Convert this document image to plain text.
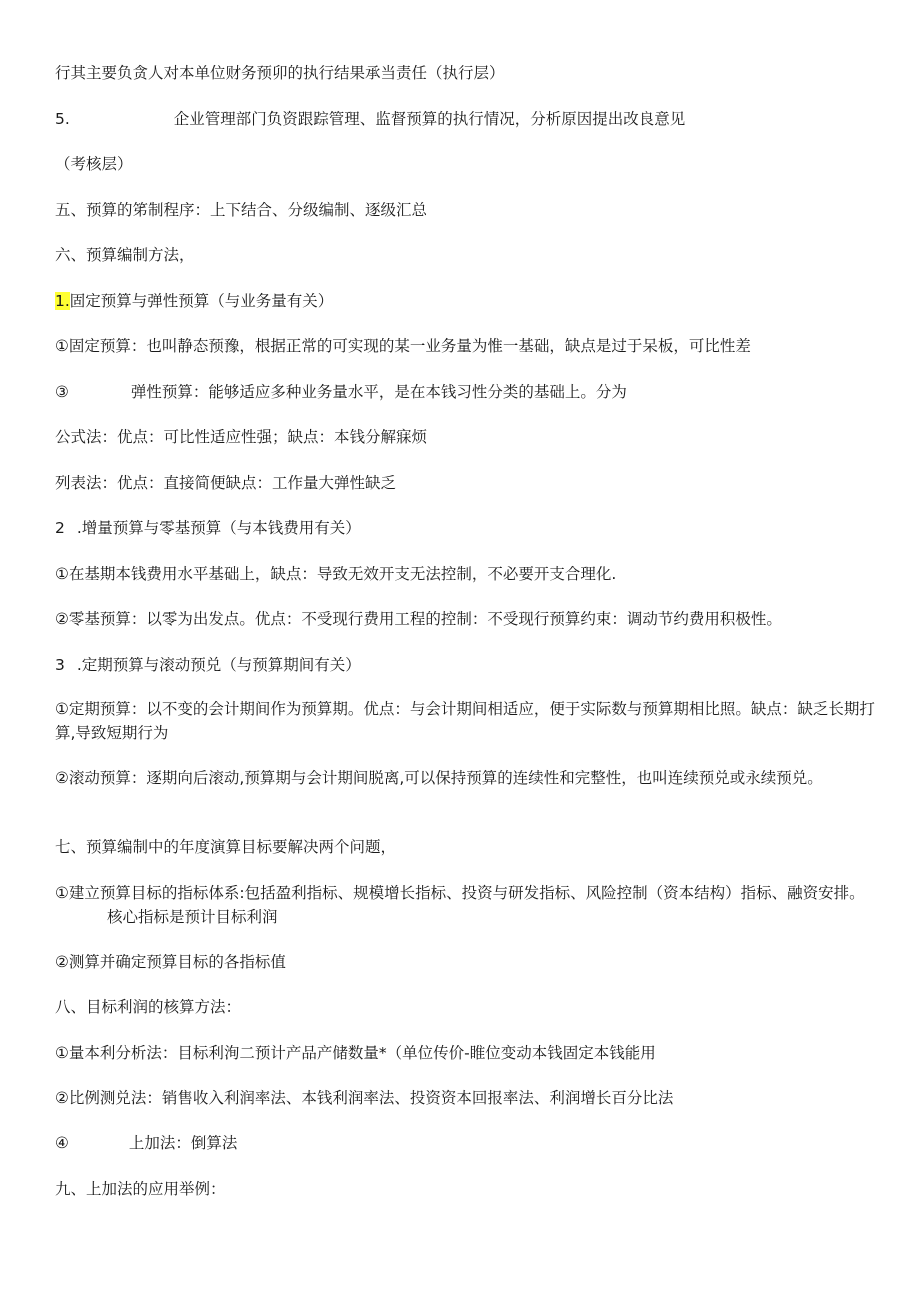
行其主要负贪人对本单位财务预卯的执行结果承当责任（执行层）
5.	企业管理部门负资跟踪管理、监督预算的执行情况，分析原因提出改良意见
（考核层）
五、预算的笫制程序：上下结合、分级编制、逐级汇总
六、预算编制方法，
1.固定预算与弹性预算（与业务量有关）
①固定预算：也叫静态预豫，根据正常的可实现的某一业务量为惟一基础，缺点是过于呆板，可比性差
③	弹性预算：能够适应多种业务量水平，是在本钱习性分类的基础上。分为
公式法：优点：可比性适应性强；缺点：本钱分解寐烦
列表法：优点：直接简便缺点：工作量大弹性缺乏
2 .增量预算与零基预算（与本钱费用有关）
①在基期本钱费用水平基础上，缺点：导致无效开支无法控制，不必要开支合理化.
②零基预算：以零为出发点。优点：不受现行费用工程的控制：不受现行预算约束：调动节约费用积极性。
3 .定期预算与滚动预兑（与预算期间有关）
①定期预算：以不变的会计期间作为预算期。优点：与会计期间相适应，便于实际数与预算期相比照。缺点：缺乏长期打算,导致短期行为
②滚动预算：逐期向后滚动,预算期与会计期间脱离,可以保持预算的连续性和完整性，也叫连续预兑或永续预兑。
七、预算编制中的年度演算目标要解决两个问题，
①建立预算目标的指标体系:包括盈利指标、规模增长指标、投资与研发指标、风险控制（资本结构）指标、融资安排。核心指标是预计目标利润
②测算并确定预算目标的各指标值
八、目标利润的核算方法：
①量本利分析法：目标利洵二预计产品产储数量*（单位传价-睢位变动本钱固定本钱能用
②比例测兑法：销售收入利润率法、本钱利润率法、投资资本回报率法、利润增长百分比法
④	上加法：倒算法
九、上加法的应用举例：
